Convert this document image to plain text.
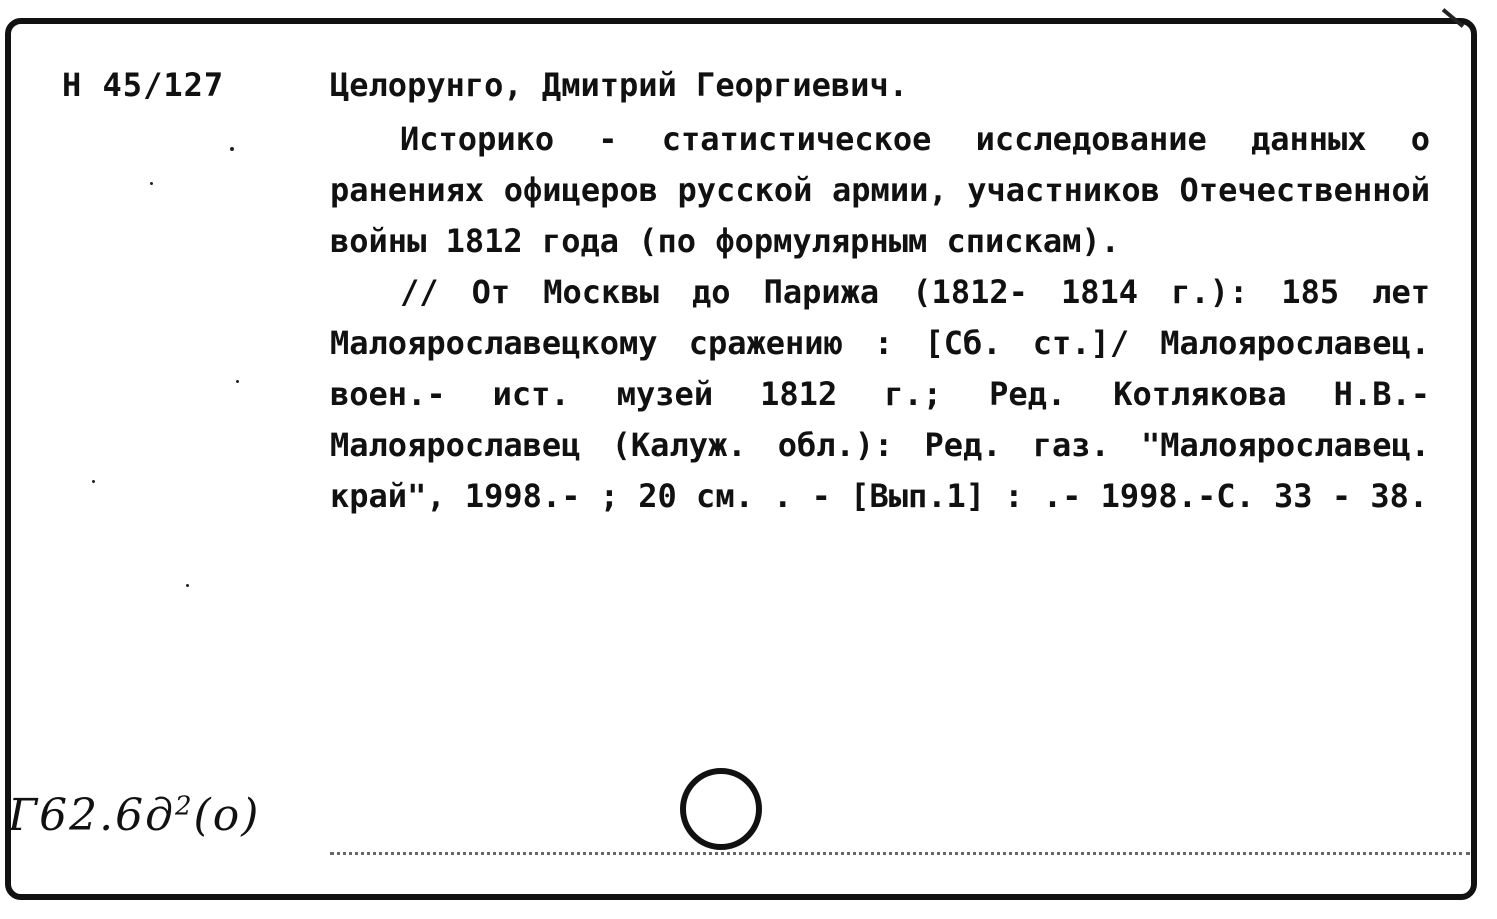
Н 45/127	Целорунго, Дмитрий Георгиевич.

Историко - статистическое исследование данных о ранениях офицеров русской армии, участников Отечественной войны 1812 года (по формулярным спискам).

// От Москвы до Парижа (1812- 1814 г.): 185 лет Малоярославецкому сражению : [Сб. ст.]/ Малоярославец. воен.- ист. музей 1812 г.; Ред. Котлякова Н.В.- Малоярославец (Калуж. обл.): Ред. газ. "Малоярославец. край", 1998.- ; 20 см. . - [Вып.1] : .- 1998.-С. 33 - 38.

$Г62.6д^2(о)$
